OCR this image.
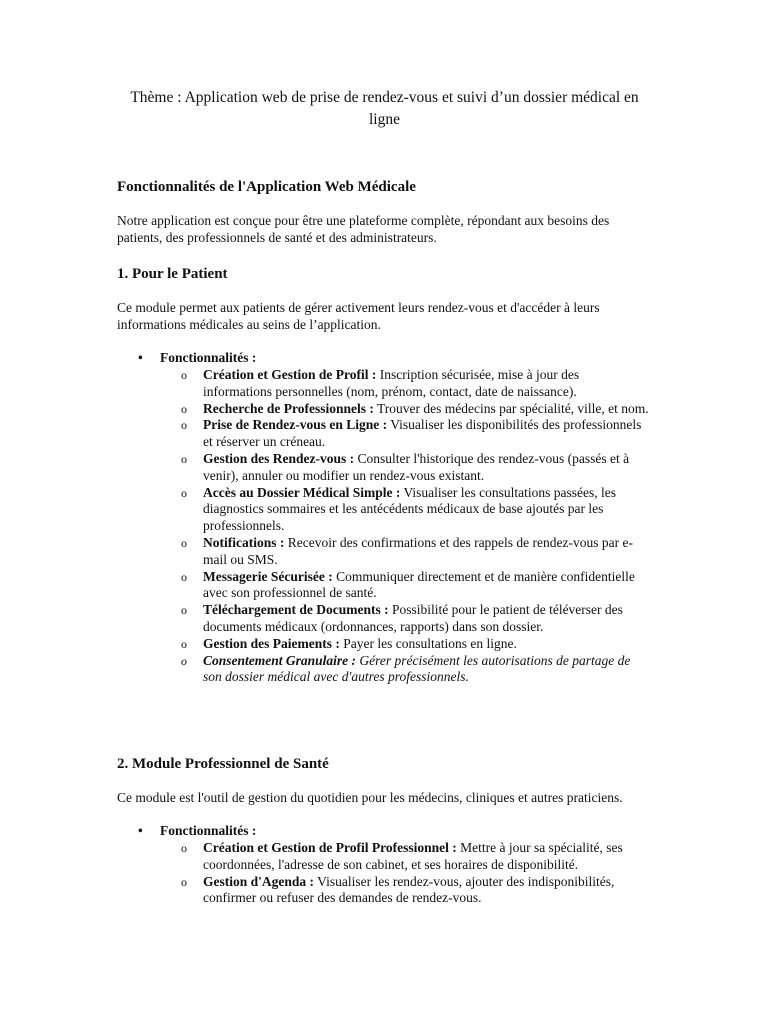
Thème : Application web de prise de rendez-vous et suivi d’un dossier médical en ligne
Fonctionnalités de l'Application Web Médicale
Notre application est conçue pour être une plateforme complète, répondant aux besoins des patients, des professionnels de santé et des administrateurs.
1. Pour le Patient
Ce module permet aux patients de gérer activement leurs rendez-vous et d'accéder à leurs informations médicales au seins de l’application.
• Fonctionnalités :
o Création et Gestion de Profil : Inscription sécurisée, mise à jour des informations personnelles (nom, prénom, contact, date de naissance).
o Recherche de Professionnels : Trouver des médecins par spécialité, ville, et nom.
o Prise de Rendez-vous en Ligne : Visualiser les disponibilités des professionnels et réserver un créneau.
o Gestion des Rendez-vous : Consulter l'historique des rendez-vous (passés et à venir), annuler ou modifier un rendez-vous existant.
o Accès au Dossier Médical Simple : Visualiser les consultations passées, les diagnostics sommaires et les antécédents médicaux de base ajoutés par les professionnels.
o Notifications : Recevoir des confirmations et des rappels de rendez-vous par e-mail ou SMS.
o Messagerie Sécurisée : Communiquer directement et de manière confidentielle avec son professionnel de santé.
o Téléchargement de Documents : Possibilité pour le patient de téléverser des documents médicaux (ordonnances, rapports) dans son dossier.
o Gestion des Paiements : Payer les consultations en ligne.
o Consentement Granulaire : Gérer précisément les autorisations de partage de son dossier médical avec d'autres professionnels.
2. Module Professionnel de Santé
Ce module est l'outil de gestion du quotidien pour les médecins, cliniques et autres praticiens.
• Fonctionnalités :
o Création et Gestion de Profil Professionnel : Mettre à jour sa spécialité, ses coordonnées, l'adresse de son cabinet, et ses horaires de disponibilité.
o Gestion d'Agenda : Visualiser les rendez-vous, ajouter des indisponibilités, confirmer ou refuser des demandes de rendez-vous.
